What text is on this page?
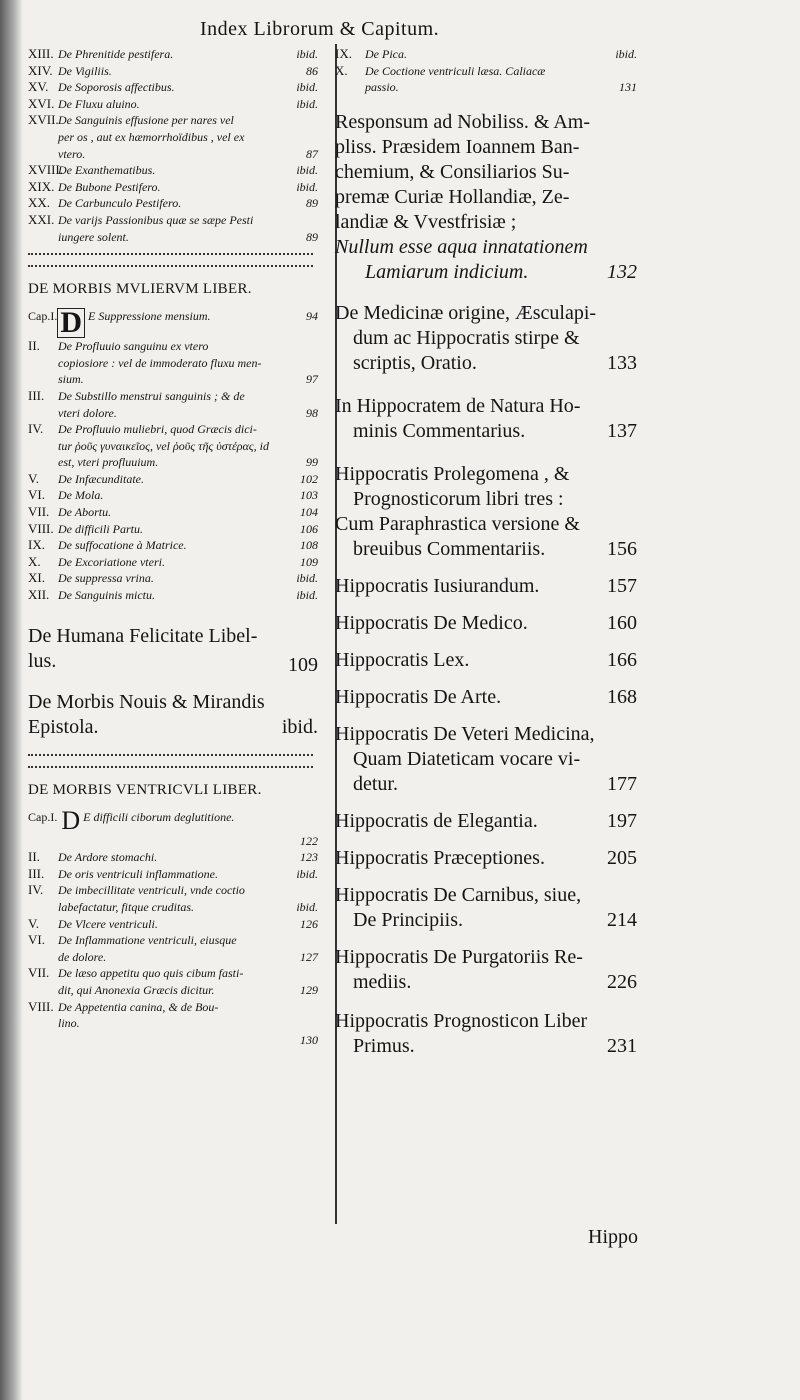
Index Librorum & Capitum.
XIII. De Phrenitide pestifera.	ibid.
XIV. De Vigiliis.	86
XV. De Soporosis affectibus.	ibid.
XVI. De Fluxu aluino.	ibid.
XVII.De Sanguinis effusione per nares vel
per os , aut ex hæmorrhoïdibus , vel ex
vtero.	87
XVIII.De Exanthematibus.	ibid.
XIX. De Bubone Pestifero.	ibid.
XX. De Carbunculo Pestifero.	89
XXI. De varijs Passionibus quæ se sæpe Pesti
iungere solent.	89
DE MORBIS MVLIERVM LIBER.
Cap.I. D E Suppressione mensium.	94
II. De Profluuio sanguinu ex vtero
copiosiore : vel de immoderato fluxu men-
sium.	97
III. De Substillo menstrui sanguinis ; & de
vteri dolore.	98
IV. De Profluuio muliebri, quod Græcis dici-
tur ῥοῦς γυναικεῖος, vel ῥοῦς τῆς ὑστέρας, id
est, vteri profluuium.	99
V. De Infæcunditate.	102
VI. De Mola.	103
VII. De Abortu.	104
VIII. De difficili Partu.	106
IX. De suffocatione à Matrice.	108
X. De Excoriatione vteri.	109
XI. De suppressa vrina.	ibid.
XII. De Sanguinis mictu.	ibid.
De Humana Felicitate Libel-
lus.	109
De Morbis Nouis & Mirandis
Epistola.	ibid.
DE MORBIS VENTRICVLI LIBER.
Cap.I. D E difficili ciborum deglutitione.
122
II. De Ardore stomachi.	123
III. De oris ventriculi inflammatione.	ibid.
IV. De imbecillitate ventriculi, vnde coctio
labefactatur, fitque cruditas.	ibid.
V. De Vlcere ventriculi.	126
VI. De Inflammatione ventriculi, eiusque
de dolore.	127
VII. De læso appetitu quo quis cibum fasti-
dit, qui Anonexia Græcis dicitur.	129
VIII. De Appetentia canina, & de Bou-
lino.
130
IX. De Pica.	ibid.
X. De Coctione ventriculi læsa. Caliacæ
passio.	131
Responsum ad Nobiliss. & Am-
pliss. Præsidem Ioannem Ban-
chemium, & Consiliarios Su-
premæ Curiæ Hollandiæ, Ze-
landiæ & Vvestfrisiæ ;
Nullum esse aqua innatationem
Lamiarum indicium.	132
De Medicinæ origine, Æsculapi-
dum ac Hippocratis stirpe &
scriptis, Oratio.	133
In Hippocratem de Natura Ho-
minis Commentarius.	137
Hippocratis Prolegomena , &
Prognosticorum libri tres :
Cum Paraphrastica versione &
breuibus Commentariis.	156
Hippocratis Iusiurandum.	157
Hippocratis De Medico.	160
Hippocratis Lex.	166
Hippocratis De Arte.	168
Hippocratis De Veteri Medicina,
Quam Diateticam vocare vi-
detur.	177
Hippocratis de Elegantia.	197
Hippocratis Præceptiones.	205
Hippocratis De Carnibus, siue,
De Principiis.	214
Hippocratis De Purgatoriis Re-
mediis.	226
Hippocratis Prognosticon Liber
Primus.	231
Hippo
